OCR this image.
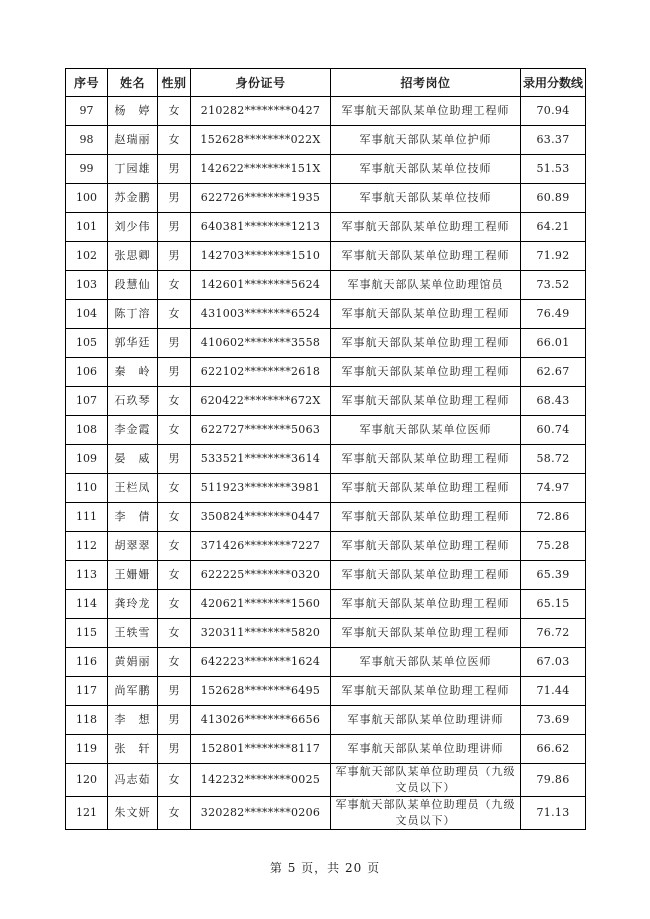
序号	姓名	性别	身份证号	招考岗位	录用分数线
97	杨　婷	女	210282********0427	军事航天部队某单位助理工程师	70.94
98	赵瑞丽	女	152628********022X	军事航天部队某单位护师	63.37
99	丁园雄	男	142622********151X	军事航天部队某单位技师	51.53
100	苏金鹏	男	622726********1935	军事航天部队某单位技师	60.89
101	刘少伟	男	640381********1213	军事航天部队某单位助理工程师	64.21
102	张思卿	男	142703********1510	军事航天部队某单位助理工程师	71.92
103	段慧仙	女	142601********5624	军事航天部队某单位助理馆员	73.52
104	陈丁溶	女	431003********6524	军事航天部队某单位助理工程师	76.49
105	郭华廷	男	410602********3558	军事航天部队某单位助理工程师	66.01
106	秦　岭	男	622102********2618	军事航天部队某单位助理工程师	62.67
107	石玖琴	女	620422********672X	军事航天部队某单位助理工程师	68.43
108	李金霞	女	622727********5063	军事航天部队某单位医师	60.74
109	晏　威	男	533521********3614	军事航天部队某单位助理工程师	58.72
110	王栏凤	女	511923********3981	军事航天部队某单位助理工程师	74.97
111	李　倩	女	350824********0447	军事航天部队某单位助理工程师	72.86
112	胡翠翠	女	371426********7227	军事航天部队某单位助理工程师	75.28
113	王姗姗	女	622225********0320	军事航天部队某单位助理工程师	65.39
114	龚玲龙	女	420621********1560	军事航天部队某单位助理工程师	65.15
115	王轶雪	女	320311********5820	军事航天部队某单位助理工程师	76.72
116	黄娟丽	女	642223********1624	军事航天部队某单位医师	67.03
117	尚军鹏	男	152628********6495	军事航天部队某单位助理工程师	71.44
118	李　想	男	413026********6656	军事航天部队某单位助理讲师	73.69
119	张　轩	男	152801********8117	军事航天部队某单位助理讲师	66.62
120	冯志茹	女	142232********0025	军事航天部队某单位助理员（九级文员以下）	79.86
121	朱文妍	女	320282********0206	军事航天部队某单位助理员（九级文员以下）	71.13
第 5 页，共 20 页
